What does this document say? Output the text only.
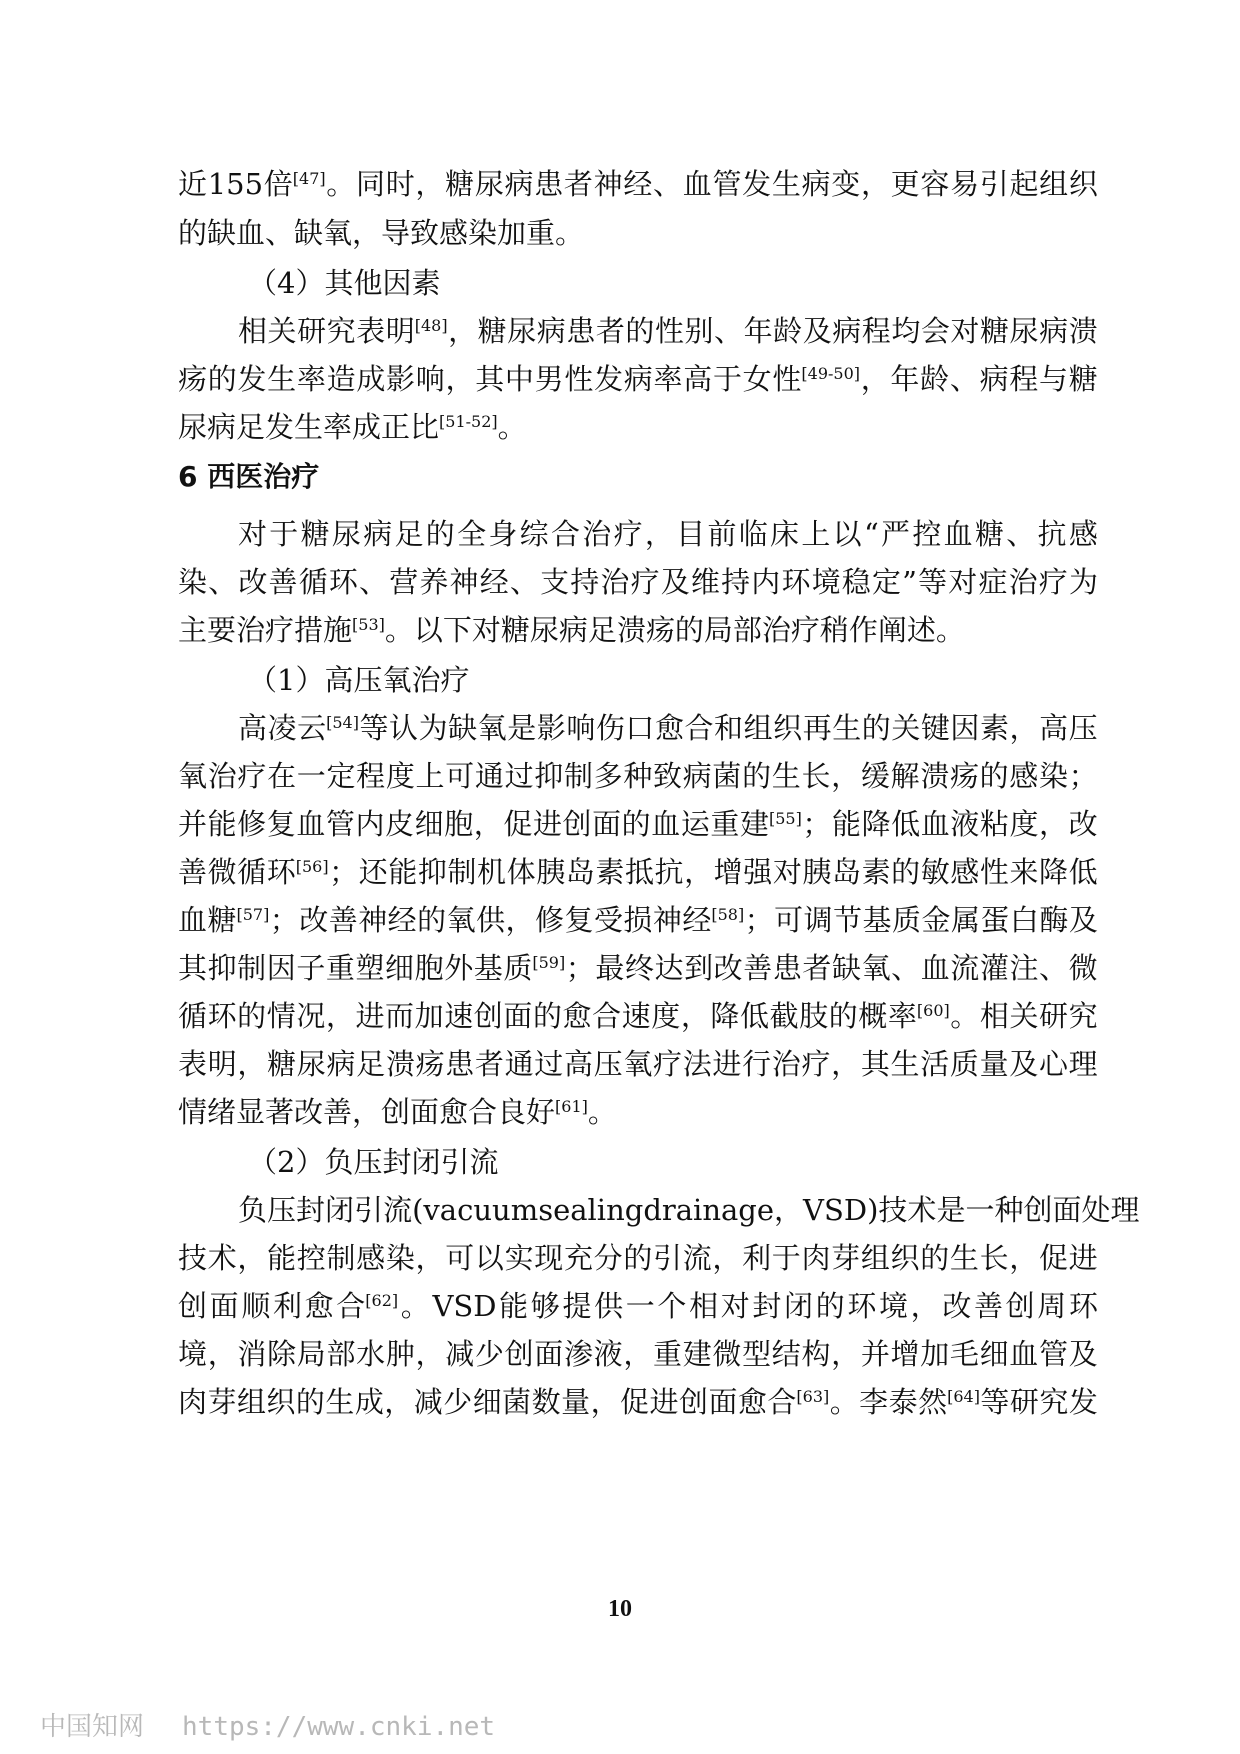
近 155 倍[47] 。 同 时 ， 糖 尿 病 患 者 神 经 、 血 管 发 生 病 变 ， 更 容 易 引 起 组 织
的缺血、缺氧，导致感染加重。
（4）其他因素
相 关 研 究 表 明[48] ， 糖 尿 病 患 者 的 性 别 、 年 龄 及 病 程 均 会 对 糖 尿 病 溃
疡 的 发 生 率 造 成 影 响 ， 其 中 男 性 发 病 率 高 于 女 性[49-50] ， 年 龄 、 病 程 与 糖
尿病足发生率成正比[51-52]。
6 西医治疗
对 于 糖 尿 病 足 的 全 身 综 合 治 疗 ， 目 前 临 床 上 以 “ 严 控 血 糖 、 抗 感
染 、 改 善 循 环 、 营 养 神 经 、 支 持 治 疗 及 维 持 内 环 境 稳 定 ” 等 对 症 治 疗 为
主要治疗措施[53]。以下对糖尿病足溃疡的局部治疗稍作阐述。
（1）高压氧治疗
高 凌 云[54] 等 认 为 缺 氧 是 影 响 伤 口 愈 合 和 组 织 再 生 的 关 键 因 素 ， 高 压
氧 治 疗 在 一 定 程 度 上 可 通 过 抑 制 多 种 致 病 菌 的 生 长 ， 缓 解 溃 疡 的 感 染 ；
并 能 修 复 血 管 内 皮 细 胞 ， 促 进 创 面 的 血 运 重 建[55] ； 能 降 低 血 液 粘 度 ， 改
善 微 循 环[56] ； 还 能 抑 制 机 体 胰 岛 素 抵 抗 ， 增 强 对 胰 岛 素 的 敏 感 性 来 降 低
血 糖[57] ； 改 善 神 经 的 氧 供 ， 修 复 受 损 神 经[58] ； 可 调 节 基 质 金 属 蛋 白 酶 及
其 抑 制 因 子 重 塑 细 胞 外 基 质[59] ； 最 终 达 到 改 善 患 者 缺 氧 、 血 流 灌 注 、 微
循 环 的 情 况 ， 进 而 加 速 创 面 的 愈 合 速 度 ， 降 低 截 肢 的 概 率[60] 。 相 关 研 究
表 明 ， 糖 尿 病 足 溃 疡 患 者 通 过 高 压 氧 疗 法 进 行 治 疗 ， 其 生 活 质 量 及 心 理
情绪显著改善，创面愈合良好[61]。
（2）负压封闭引流
负 压 封 闭 引 流 ( vacuum sealing drainage ， VSD) 技 术 是 一 种 创 面 处 理
技 术 ， 能 控 制 感 染 ， 可 以 实 现 充 分 的 引 流 ， 利 于 肉 芽 组 织 的 生 长 ， 促 进
创 面 顺 利 愈 合[62] 。 VSD 能 够 提 供 一 个 相 对 封 闭 的 环 境 ， 改 善 创 周 环
境 ， 消 除 局 部 水 肿 ， 减 少 创 面 渗 液 ， 重 建 微 型 结 构 ， 并 增 加 毛 细 血 管 及
肉 芽 组 织 的 生 成 ， 减 少 细 菌 数 量 ， 促 进 创 面 愈 合[63] 。 李 泰 然[64] 等 研 究 发
10
中国知网 https://www.cnki.net
